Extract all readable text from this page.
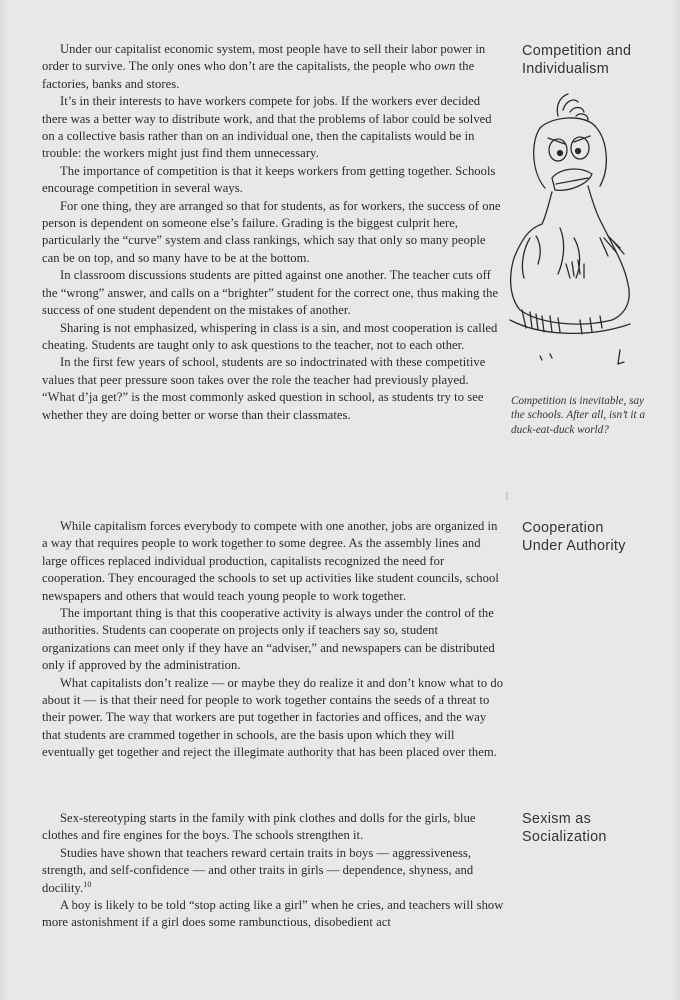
Competition and
Individualism

Under our capitalist economic system, most people have to sell their labor power in order to survive. The only ones who don’t are the capitalists, the people who own the factories, banks and stores.

It’s in their interests to have workers compete for jobs. If the workers ever decided there was a better way to distribute work, and that the problems of labor could be solved on a collective basis rather than on an individual one, then the capitalists would be in trouble: the workers might just find them unnecessary.

The importance of competition is that it keeps workers from getting together. Schools encourage competition in several ways.

For one thing, they are arranged so that for students, as for workers, the success of one person is dependent on someone else’s failure. Grading is the biggest culprit here, particularly the “curve” system and class rankings, which say that only so many people can be on top, and so many have to be at the bottom.

In classroom discussions students are pitted against one another. The teacher cuts off the “wrong” answer, and calls on a “brighter” student for the correct one, thus making the success of one student dependent on the mistakes of another.

Sharing is not emphasized, whispering in class is a sin, and most cooperation is called cheating. Students are taught only to ask questions to the teacher, not to each other.

In the first few years of school, students are so indoctrinated with these competitive values that peer pressure soon takes over the role the teacher had previously played. “What d’ja get?” is the most commonly asked question in school, as students try to see whether they are doing better or worse than their classmates.

Competition is inevitable, say the schools. After all, isn’t it a duck-eat-duck world?
Cooperation
Under Authority

While capitalism forces everybody to compete with one another, jobs are organized in a way that requires people to work together to some degree. As the assembly lines and large offices replaced individual production, capitalists recognized the need for cooperation. They encouraged the schools to set up activities like student councils, school newspapers and others that would teach young people to work together.

The important thing is that this cooperative activity is always under the control of the authorities. Students can cooperate on projects only if teachers say so, student organizations can meet only if they have an “adviser,” and newspapers can be distributed only if approved by the administration.

What capitalists don’t realize — or maybe they do realize it and don’t know what to do about it — is that their need for people to work together contains the seeds of a threat to their power. The way that workers are put together in factories and offices, and the way that students are crammed together in schools, are the basis upon which they will eventually get together and reject the illegimate authority that has been placed over them.

Sexism as
Socialization

Sex-stereotyping starts in the family with pink clothes and dolls for the girls, blue clothes and fire engines for the boys. The schools strengthen it.

Studies have shown that teachers reward certain traits in boys — aggressiveness, strength, and self-confidence — and other traits in girls — dependence, shyness, and docility.$^{10}$

A boy is likely to be told “stop acting like a girl” when he cries, and teachers will show more astonishment if a girl does some rambunctious, disobedient act
